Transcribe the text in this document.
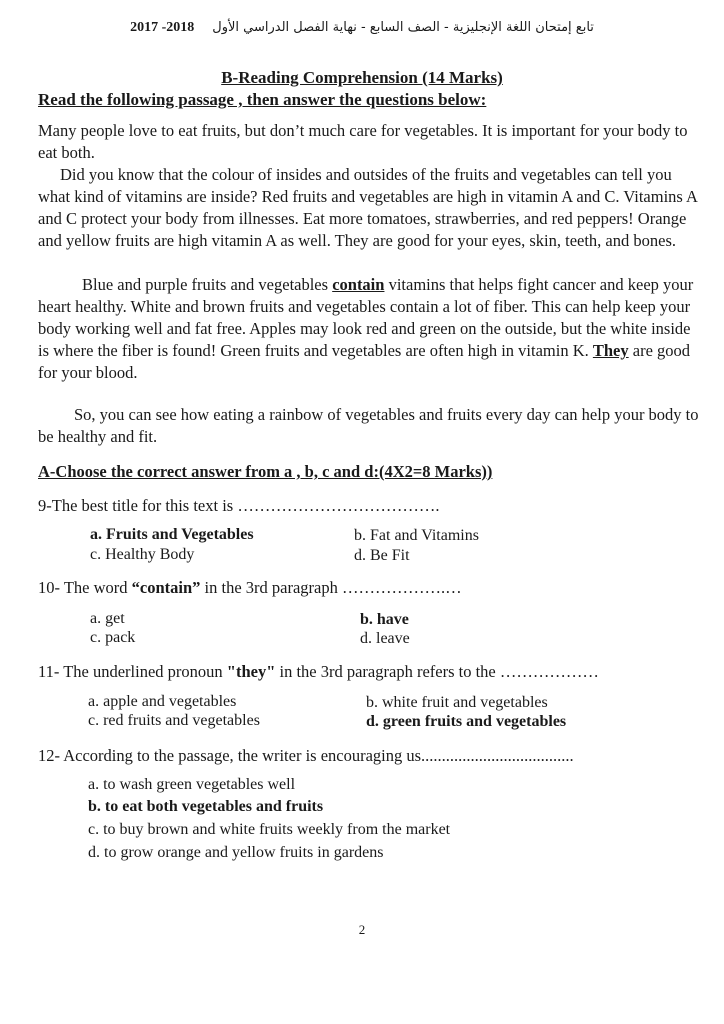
2017 -2018 تابع إمتحان اللغة الإنجليزية - الصف السابع - نهاية الفصل الدراسي الأول
B-Reading Comprehension (14 Marks)
Read the following passage , then answer the questions below:

Many people love to eat fruits, but don’t much care for vegetables. It is important for your body to eat both.

Did you know that the colour of insides and outsides of the fruits and vegetables can tell you what kind of vitamins are inside? Red fruits and vegetables are high in vitamin A and C. Vitamins A and C protect your body from illnesses. Eat more tomatoes, strawberries, and red peppers! Orange and yellow fruits are high vitamin A as well. They are good for your eyes, skin, teeth, and bones.

Blue and purple fruits and vegetables contain vitamins that helps fight cancer and keep your heart healthy. White and brown fruits and vegetables contain a lot of fiber. This can help keep your body working well and fat free. Apples may look red and green on the outside, but the white inside is where the fiber is found! Green fruits and vegetables are often high in vitamin K. They are good for your blood.

So, you can see how eating a rainbow of vegetables and fruits every day can help your body to be healthy and fit.

A-Choose the correct answer from a , b, c and d:(4X2=8 Marks))
9-The best title for this text is ……………………………….
a. Fruits and Vegetables	b. Fat and Vitamins
c. Healthy Body	d. Be Fit
10- The word “contain” in the 3rd paragraph ……………….…
a. get	b. have
c. pack	d. leave
11- The underlined pronoun "they" in the 3rd paragraph refers to the ………………
a. apple and vegetables	b. white fruit and vegetables
c. red fruits and vegetables	d. green fruits and vegetables
12- According to the passage, the writer is encouraging us.....................................
a. to wash green vegetables well
b. to eat both vegetables and fruits
c. to buy brown and white fruits weekly from the market
d. to grow orange and yellow fruits in gardens
2
